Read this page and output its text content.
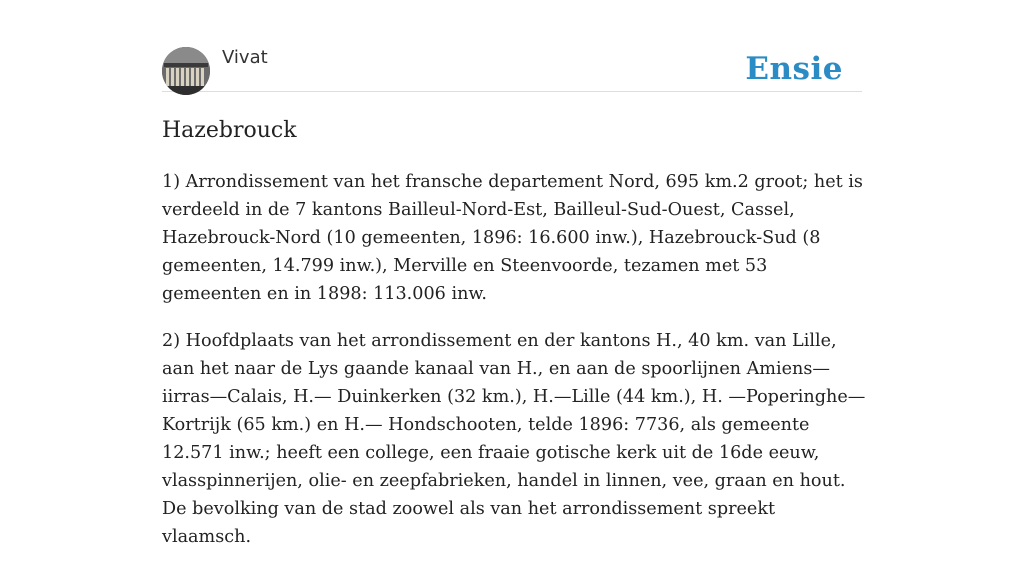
Vivat	Ensie
Hazebrouck

1) Arrondissement van het fransche departement Nord, 695 km.2 groot; het is verdeeld in de 7 kantons Bailleul-Nord-Est, Bailleul-Sud-Ouest, Cassel, Hazebrouck-Nord (10 gemeenten, 1896: 16.600 inw.), Hazebrouck-Sud (8 gemeenten, 14.799 inw.), Merville en Steenvoorde, tezamen met 53 gemeenten en in 1898: 113.006 inw.

2) Hoofdplaats van het arrondissement en der kantons H., 40 km. van Lille, aan het naar de Lys gaande kanaal van H., en aan de spoorlijnen Amiens—iirras—Calais, H.— Duinkerken (32 km.), H.—Lille (44 km.), H. —Poperinghe—Kortrijk (65 km.) en H.— Hondschooten, telde 1896: 7736, als gemeente 12.571 inw.; heeft een college, een fraaie gotische kerk uit de 16de eeuw, vlasspinnerijen, olie- en zeepfabrieken, handel in linnen, vee, graan en hout. De bevolking van de stad zoowel als van het arrondissement spreekt vlaamsch.
